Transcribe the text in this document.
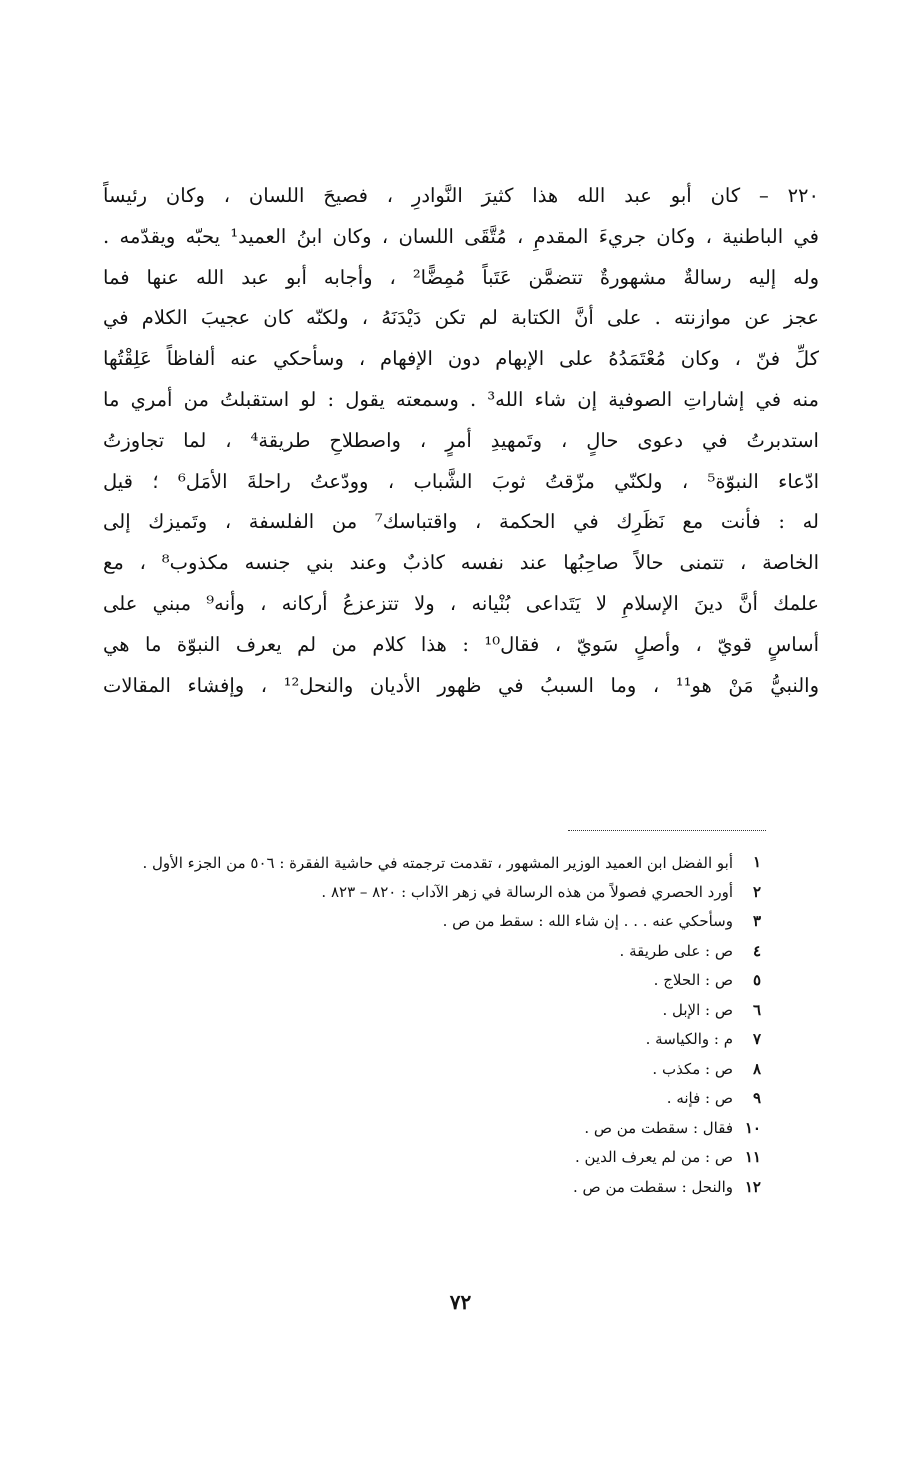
٢٢٠ – كان أبو عبد الله هذا كثيرَ النَّوادرِ ، فصيحَ اللسان ، وكان رئيساً
في الباطنية ، وكان جريءَ المقدمِ ، مُتَّقَى اللسان ، وكان ابنُ العميد¹ يحبّه ويقدّمه .
وله إليه رسالةٌ مشهورةٌ تتضمَّن عَتَباً مُمِضًّا² ، وأجابه أبو عبد الله عنها فما
عجز عن موازنته . على أنَّ الكتابة لم تكن دَيْدَنَهُ ، ولكنّه كان عجيبَ الكلام في
كلِّ فنّ ، وكان مُعْتَمَدُهُ على الإبهام دون الإفهام ، وسأحكي عنه ألفاظاً عَلِقْتُها
منه في إشاراتِ الصوفية إن شاء الله³ . وسمعته يقول : لو استقبلتُ من أمري ما
استدبرتُ في دعوى حالٍ ، وتَمهيدِ أمرٍ ، واصطلاحِ طريقة⁴ ، لما تجاوزتُ
ادّعاء النبوّة⁵ ، ولكنّي مزّقتُ ثوبَ الشَّباب ، وودّعتُ راحلةَ الأمَل⁶ ؛ قيل
له : فأنت مع نَظَرِك في الحكمة ، واقتباسك⁷ من الفلسفة ، وتَميزك إلى
الخاصة ، تتمنى حالاً صاحِبُها عند نفسه كاذبٌ وعند بني جنسه مكذوب⁸ ، مع
علمك أنَّ دينَ الإسلامِ لا يَتَداعى بُنْيانه ، ولا تتزعزعُ أركانه ، وأنه⁹ مبني على
أساسٍ قويّ ، وأصلٍ سَويّ ، فقال¹⁰ : هذا كلام من لم يعرف النبوّة ما هي
والنبيُّ مَنْ هو¹¹ ، وما السببُ في ظهور الأديان والنحل¹² ، وإفشاء المقالات
١
أبو الفضل ابن العميد الوزير المشهور ، تقدمت ترجمته في حاشية الفقرة : ٥٠٦ من الجزء الأول .
٢
أورد الحصري فصولاً من هذه الرسالة في زهر الآداب : ٨٢٠ – ٨٢٣ .
٣
وسأحكي عنه . . . إن شاء الله : سقط من ص .
٤
ص : على طريقة .
٥
ص : الحلاج .
٦
ص : الإبل .
٧
م : والكياسة .
٨
ص : مكذب .
٩
ص : فإنه .
١٠
فقال : سقطت من ص .
١١
ص : من لم يعرف الدين .
١٢
والنحل : سقطت من ص .
٧٢
